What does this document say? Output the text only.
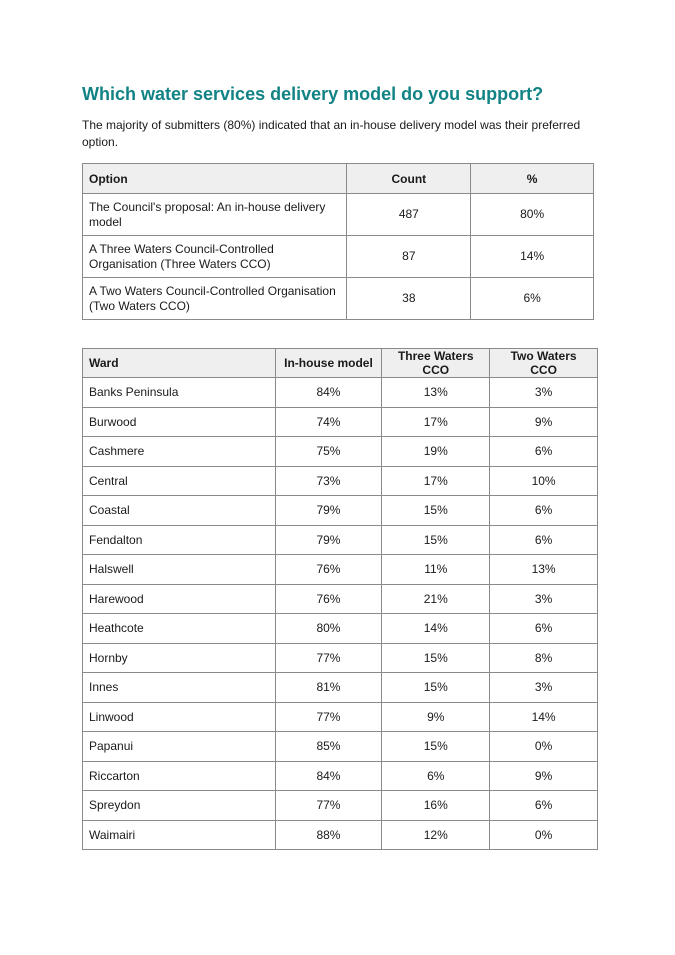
Which water services delivery model do you support?

The majority of submitters (80%) indicated that an in-house delivery model was their preferred option.

Option	Count	%
The Council's proposal: An in-house delivery model	487	80%
A Three Waters Council-Controlled Organisation (Three Waters CCO)	87	14%
A Two Waters Council-Controlled Organisation (Two Waters CCO)	38	6%
Ward	In-house model	Three Waters CCO	Two Waters CCO
Banks Peninsula	84%	13%	3%
Burwood	74%	17%	9%
Cashmere	75%	19%	6%
Central	73%	17%	10%
Coastal	79%	15%	6%
Fendalton	79%	15%	6%
Halswell	76%	11%	13%
Harewood	76%	21%	3%
Heathcote	80%	14%	6%
Hornby	77%	15%	8%
Innes	81%	15%	3%
Linwood	77%	9%	14%
Papanui	85%	15%	0%
Riccarton	84%	6%	9%
Spreydon	77%	16%	6%
Waimairi	88%	12%	0%
